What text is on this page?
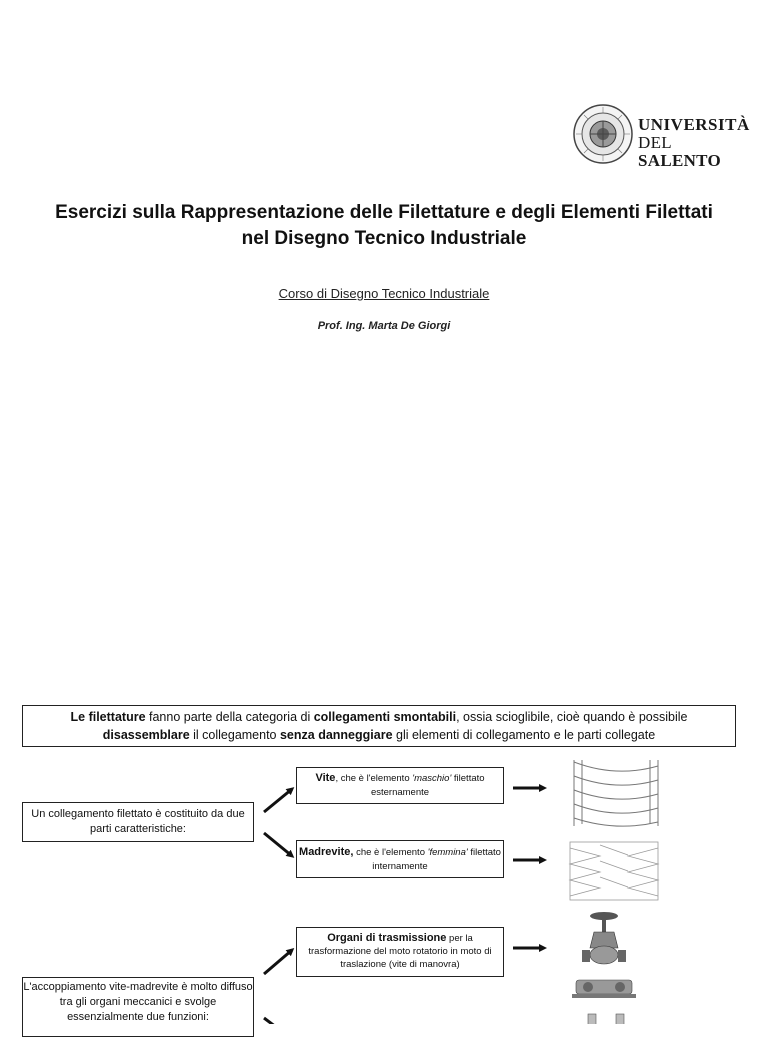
UNIVERSITÀ
DEL SALENTO
Esercizi sulla Rappresentazione delle Filettature e degli Elementi Filettati
nel Disegno Tecnico Industriale
Corso di Disegno Tecnico Industriale
Prof. Ing. Marta De Giorgi
Le filettature fanno parte della categoria di collegamenti smontabili, ossia scioglibile, cioè quando è possibile
disassemblare il collegamento senza danneggiare gli elementi di collegamento e le parti collegate
Un collegamento filettato è costituito da due parti caratteristiche:
Vite, che è l'elemento 'maschio' filettato esternamente
Madrevite, che è l'elemento 'femmina' filettato internamente
Organi di trasmissione per la trasformazione del moto rotatorio in moto di traslazione (vite di manovra)
L'accoppiamento vite-madrevite è molto diffuso tra gli organi meccanici e svolge essenzialmente due funzioni:
